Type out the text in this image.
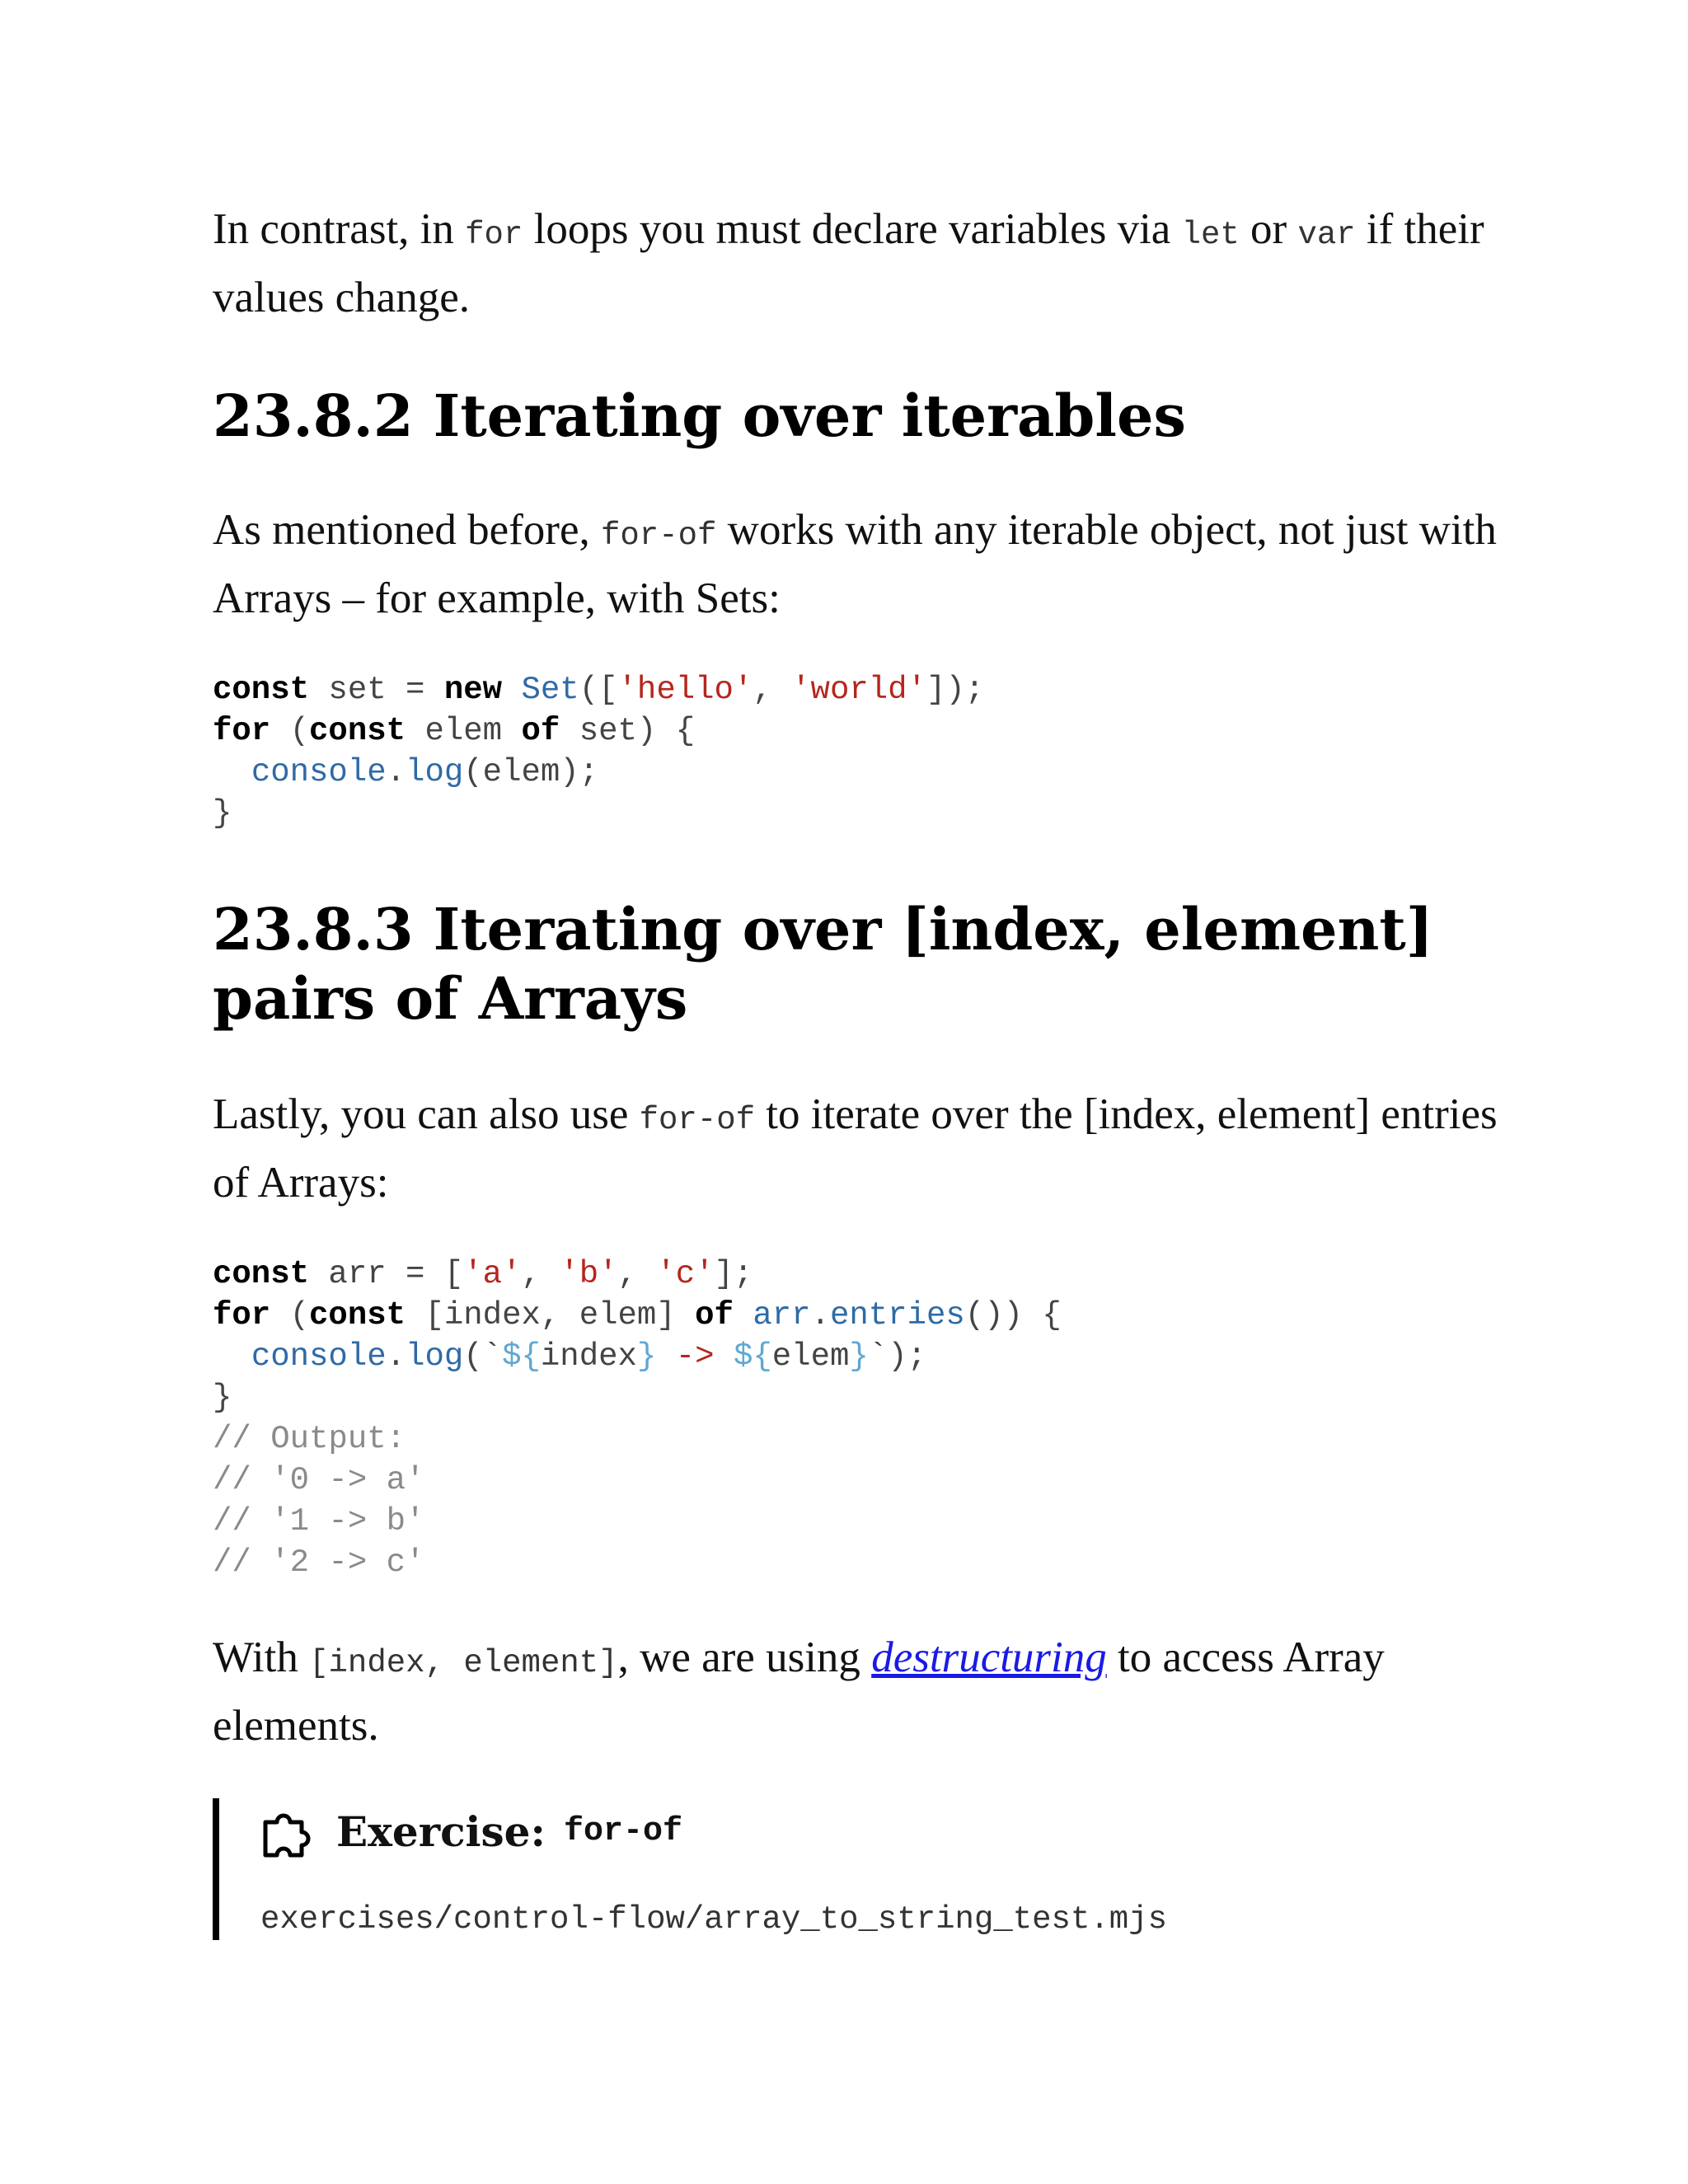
In contrast, in for loops you must declare variables via let or var if their values change.

23.8.2 Iterating over iterables

As mentioned before, for-of works with any iterable object, not just with Arrays – for example, with Sets:

const set = new Set(['hello', 'world']);
for (const elem of set) {
console.log(elem);
}
23.8.3 Iterating over [index, element] pairs of Arrays

Lastly, you can also use for-of to iterate over the [index, element] entries of Arrays:

const arr = ['a', 'b', 'c'];
for (const [index, elem] of arr.entries()) {
console.log(`${index} -> ${elem}`);
}
// Output:
// '0 -> a'
// '1 -> b'
// '2 -> c'

With [index, element], we are using destructuring to access Array elements.

Exercise: for-of
exercises/control-flow/array_to_string_test.mjs
